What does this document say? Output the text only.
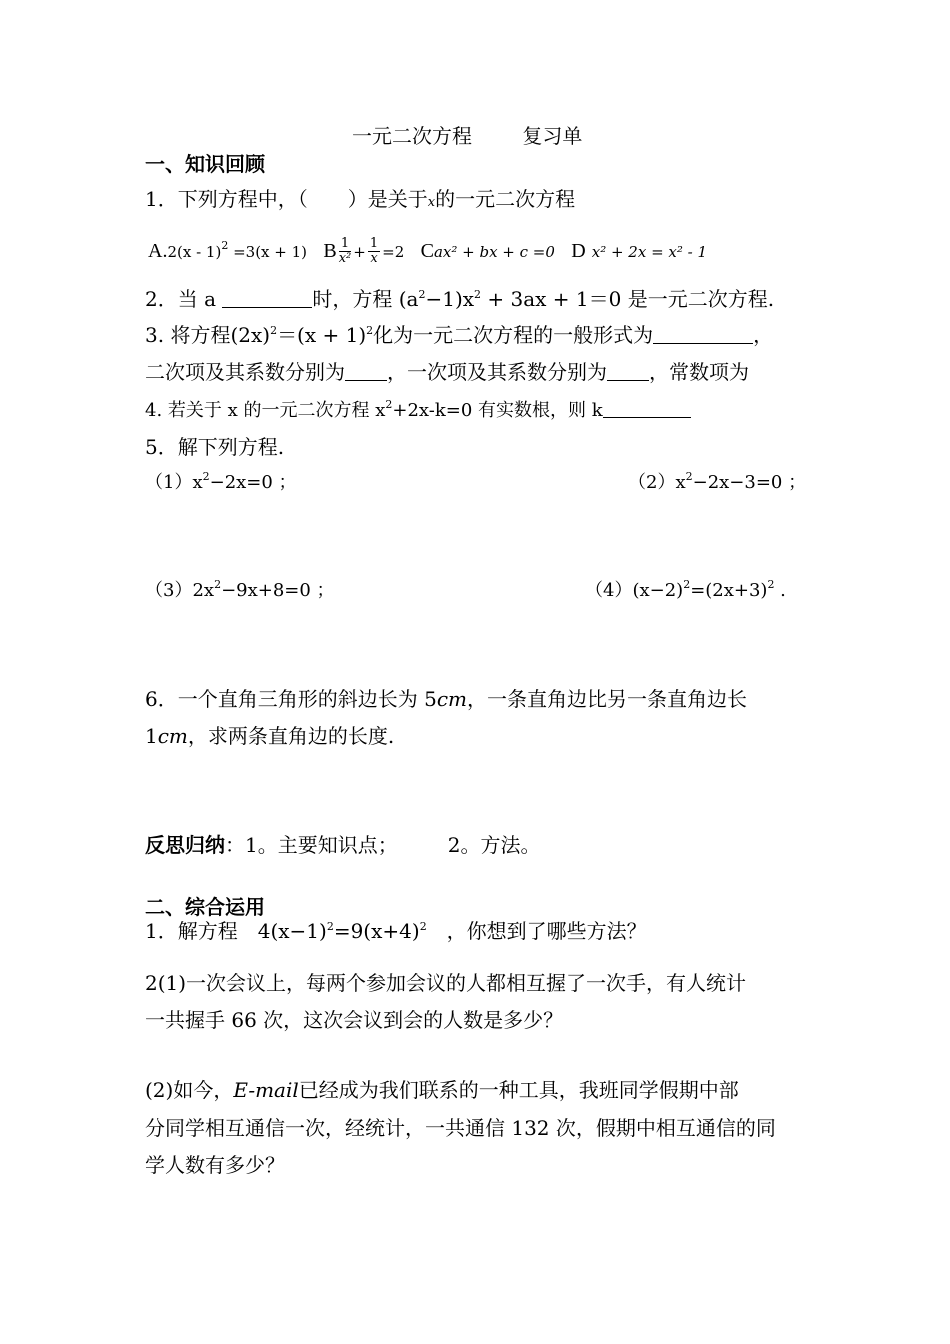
一元二次方程	复习单
一、知识回顾
1．下列方程中，（　　）是关于x的一元二次方程
A.2(x - 1)$^2$ =3(x + 1) B $\frac{1}{\text{x²}} + \frac{1}{x} =2$ Cax² + bx + c =0 D x² + 2x = x² - 1
2．当 a	时，方程 $(a^2-1)x^2 + 3ax + 1=0$ 是一元二次方程.
3. 将方程$(2x)^2=(x + 1)^2$化为一元二次方程的一般形式为	，
二次项及其系数分别为 ，一次项及其系数分别为 ，常数项为
4. 若关于 x 的一元二次方程 $x^2+2x-k=0$ 有实数根，则 k
5．解下列方程.
$(1)x^2-2x=0$ ；	$(2)x^2-2x-3=0$ ；
$(3)2x^2-9x+8=0$ ；	$(4)(x-2)^2=(2x+3)^2$ .
6．一个直角三角形的斜边长为 5cm，一条直角边比另一条直角边长
1cm，求两条直角边的长度.
反思归纳：1。主要知识点；　　　2。方法。
二、综合运用
1．解方程　$4(x-1)^2=9(x+4)^2$　，你想到了哪些方法？
2(1)一次会议上，每两个参加会议的人都相互握了一次手，有人统计
一共握手 66 次，这次会议到会的人数是多少？
(2)如今，E-mail已经成为我们联系的一种工具，我班同学假期中部
分同学相互通信一次，经统计，一共通信 132 次，假期中相互通信的同
学人数有多少？
